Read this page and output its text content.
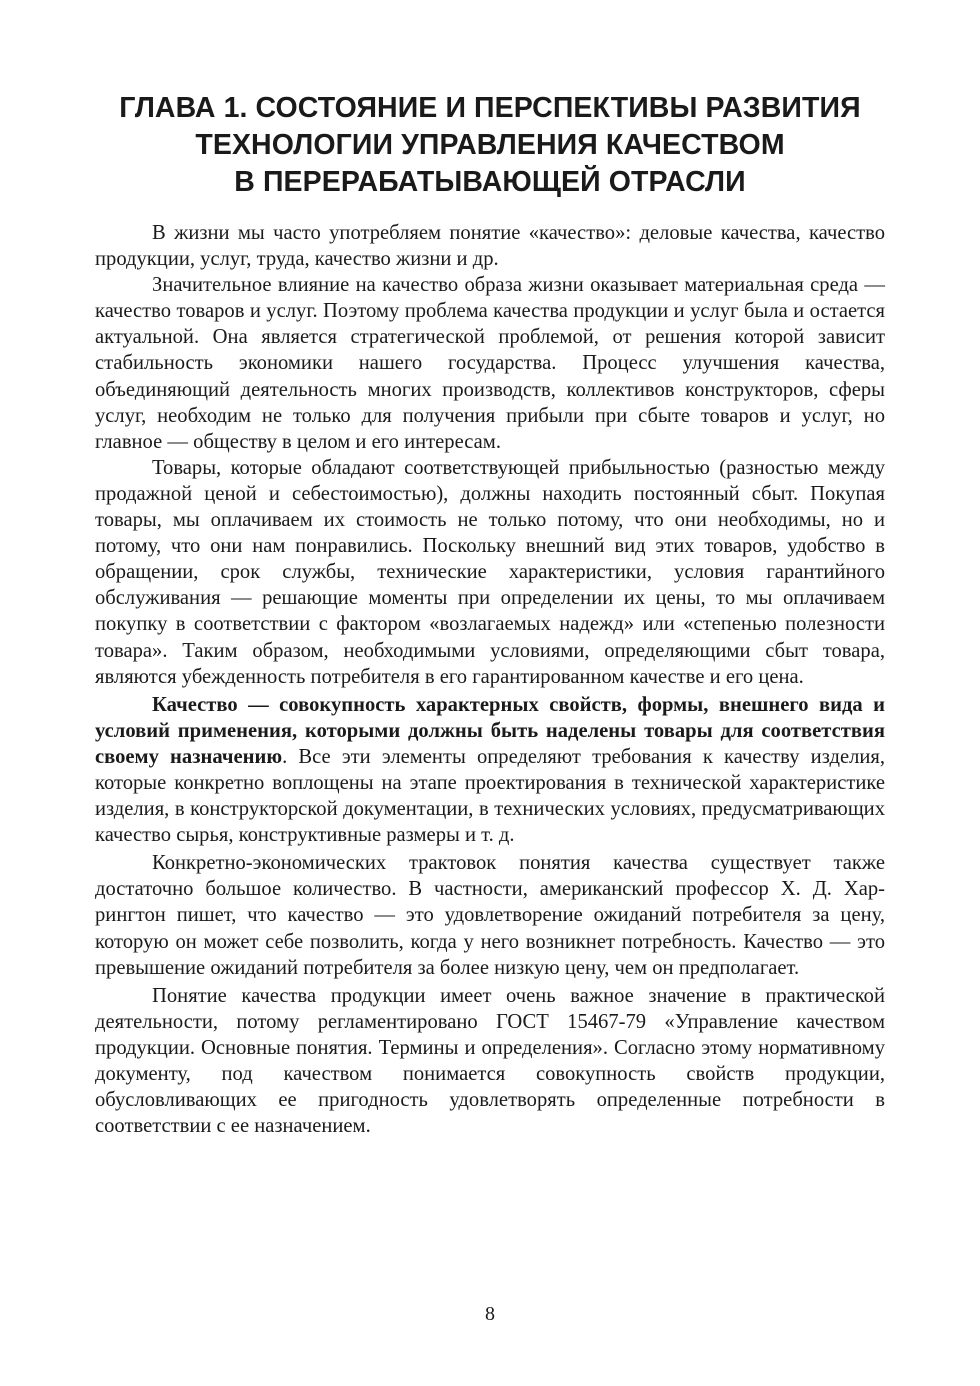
ГЛАВА 1. СОСТОЯНИЕ И ПЕРСПЕКТИВЫ РАЗВИТИЯ
ТЕХНОЛОГИИ УПРАВЛЕНИЯ КАЧЕСТВОМ
В ПЕРЕРАБАТЫВАЮЩЕЙ ОТРАСЛИ

В жизни мы часто употребляем понятие «качество»: деловые качества, качество продукции, услуг, труда, качество жизни и др.

Значительное влияние на качество образа жизни оказывает материальная среда — качество товаров и услуг. Поэтому проблема качества продукции и услуг была и остается актуальной. Она является стратегической проблемой, от решения которой зависит стабильность экономики нашего государства. Процесс улучшения качества, объединяющий деятельность многих производств, коллективов конструкторов, сферы услуг, необходим не только для получения прибыли при сбыте товаров и услуг, но главное — обществу в целом и его интересам.

Товары, которые обладают соответствующей прибыльностью (разностью между продажной ценой и себестоимостью), должны находить постоянный сбыт. Покупая товары, мы оплачиваем их стоимость не только потому, что они необходимы, но и потому, что они нам понравились. Поскольку внешний вид этих товаров, удобство в обращении, срок службы, технические характеристики, условия гарантийного обслуживания — решающие моменты при определении их цены, то мы оплачиваем покупку в соответствии с фактором «возлагаемых надежд» или «степенью полезности товара». Таким образом, необходимыми условиями, определяющими сбыт товара, являются убежденность потребителя в его гарантированном качестве и его цена.

Качество — совокупность характерных свойств, формы, внешнего вида и условий применения, которыми должны быть наделены товары для соответствия своему назначению. Все эти элементы определяют требования к качеству изделия, которые конкретно воплощены на этапе проектирования в технической характеристике изделия, в конструкторской документации, в технических условиях, предусматривающих качество сырья, конструктивные размеры и т. д.

Конкретно-экономических трактовок понятия качества существует также достаточно большое количество. В частности, американский профессор Х. Д. Харрингтон пишет, что качество — это удовлетворение ожиданий потребителя за цену, которую он может себе позволить, когда у него возникнет потребность. Качество — это превышение ожиданий потребителя за более низкую цену, чем он предполагает.

Понятие качества продукции имеет очень важное значение в практической деятельности, потому регламентировано ГОСТ 15467-79 «Управление качеством продукции. Основные понятия. Термины и определения». Согласно этому нормативному документу, под качеством понимается совокупность свойств продукции, обусловливающих ее пригодность удовлетворять определенные потребности в соответствии с ее назначением.

8
